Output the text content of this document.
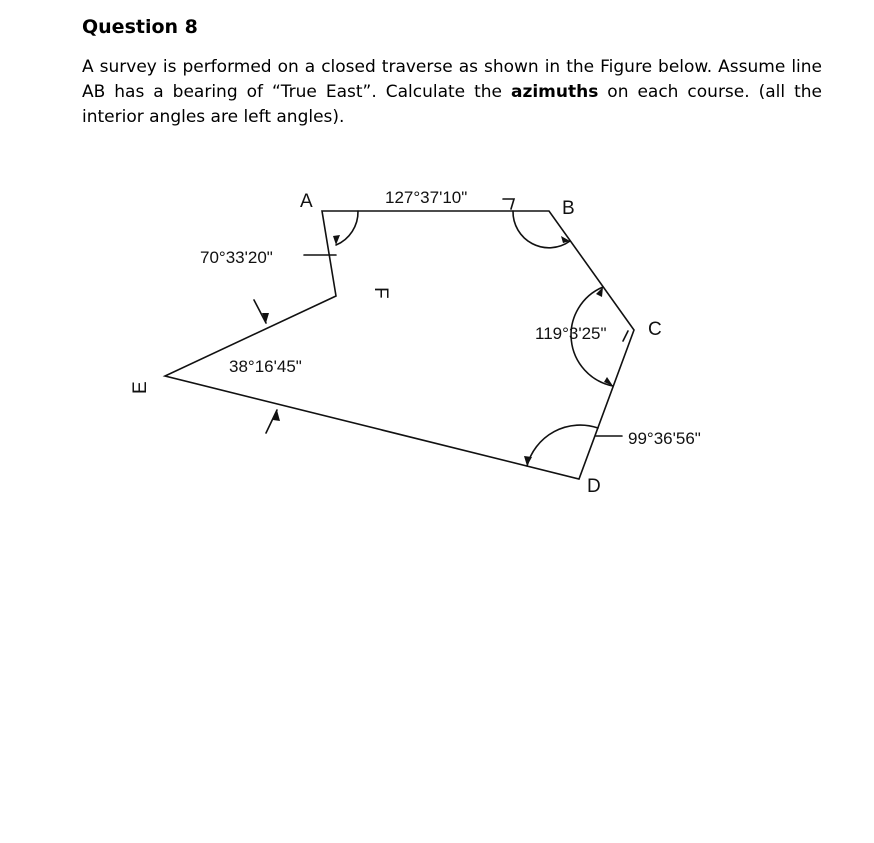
Question 8
A survey is performed on a closed traverse as shown in the Figure below. Assume line AB has a bearing of “True East”. Calculate the azimuths on each course. (all the interior angles are left angles).
A	B
C
D
F
E
70°33'20"
127°37'10"
119°3'25"
99°36'56"
38°16'45"
